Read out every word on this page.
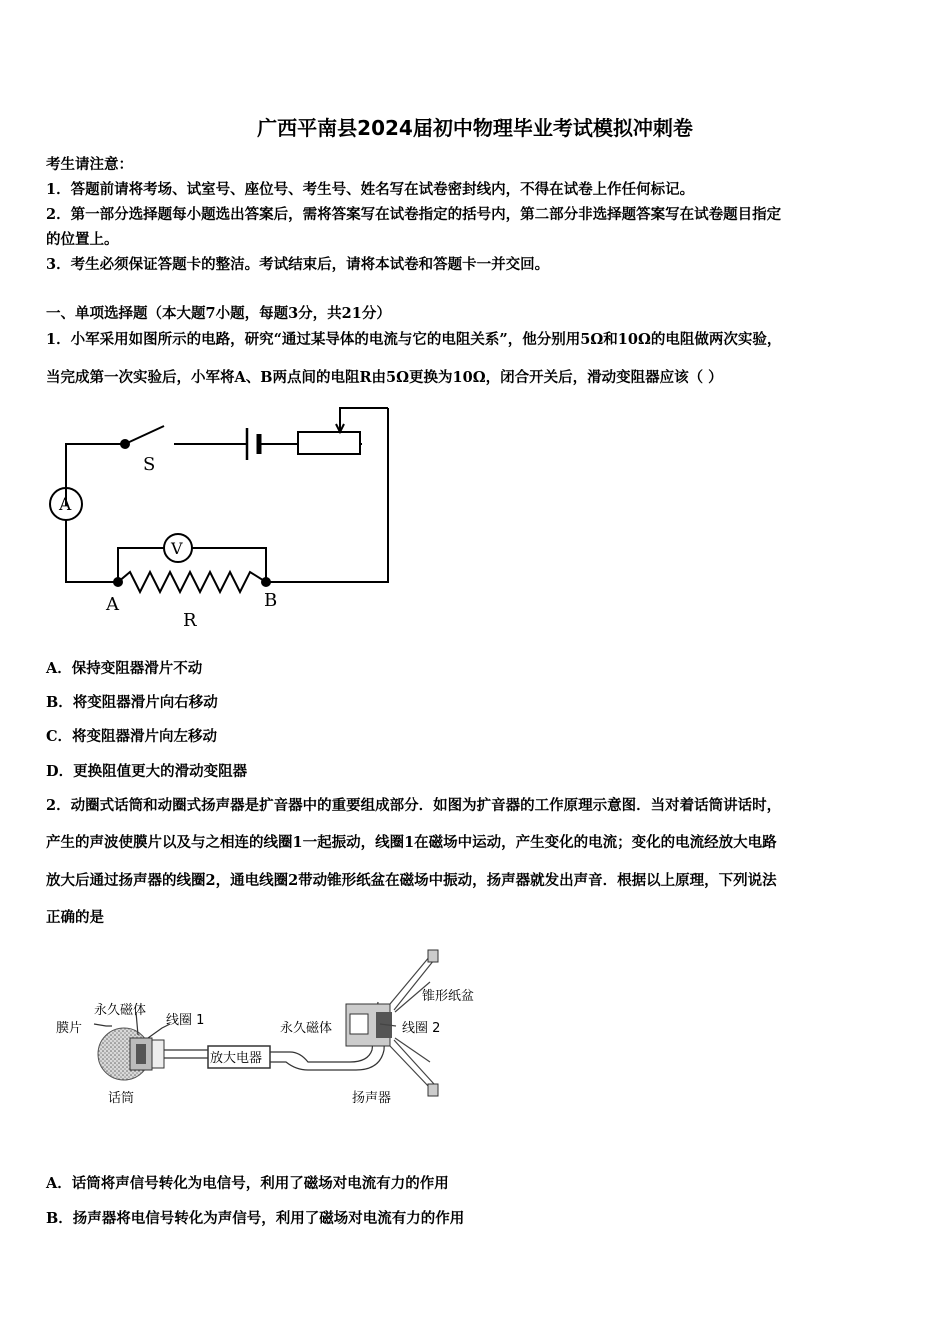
广西平南县2024届初中物理毕业考试模拟冲刺卷
考生请注意：
1．答题前请将考场、试室号、座位号、考生号、姓名写在试卷密封线内，不得在试卷上作任何标记。
2．第一部分选择题每小题选出答案后，需将答案写在试卷指定的括号内，第二部分非选择题答案写在试卷题目指定
的位置上。
3．考生必须保证答题卡的整洁。考试结束后，请将本试卷和答题卡一并交回。
一、单项选择题（本大题7小题，每题3分，共21分）
1．小军采用如图所示的电路，研究“通过某导体的电流与它的电阻关系”，他分别用5Ω和10Ω的电阻做两次实验，
当完成第一次实验后，小军将A、B两点间的电阻R由5Ω更换为10Ω，闭合开关后，滑动变阻器应该（ ）
S
A
V
A	B
R
A．保持变阻器滑片不动
B．将变阻器滑片向右移动
C．将变阻器滑片向左移动
D．更换阻值更大的滑动变阻器
2．动圈式话筒和动圈式扬声器是扩音器中的重要组成部分．如图为扩音器的工作原理示意图．当对着话筒讲话时，
产生的声波使膜片以及与之相连的线圈1一起振动，线圈1在磁场中运动，产生变化的电流；变化的电流经放大电路
放大后通过扬声器的线圈2，通电线圈2带动锥形纸盆在磁场中振动，扬声器就发出声音．根据以上原理，下列说法
正确的是
膜片
永久磁体
线圈 1
话筒
放大电器
永久磁体	线圈 2
锥形纸盆
扬声器
A．话筒将声信号转化为电信号，利用了磁场对电流有力的作用
B．扬声器将电信号转化为声信号，利用了磁场对电流有力的作用
